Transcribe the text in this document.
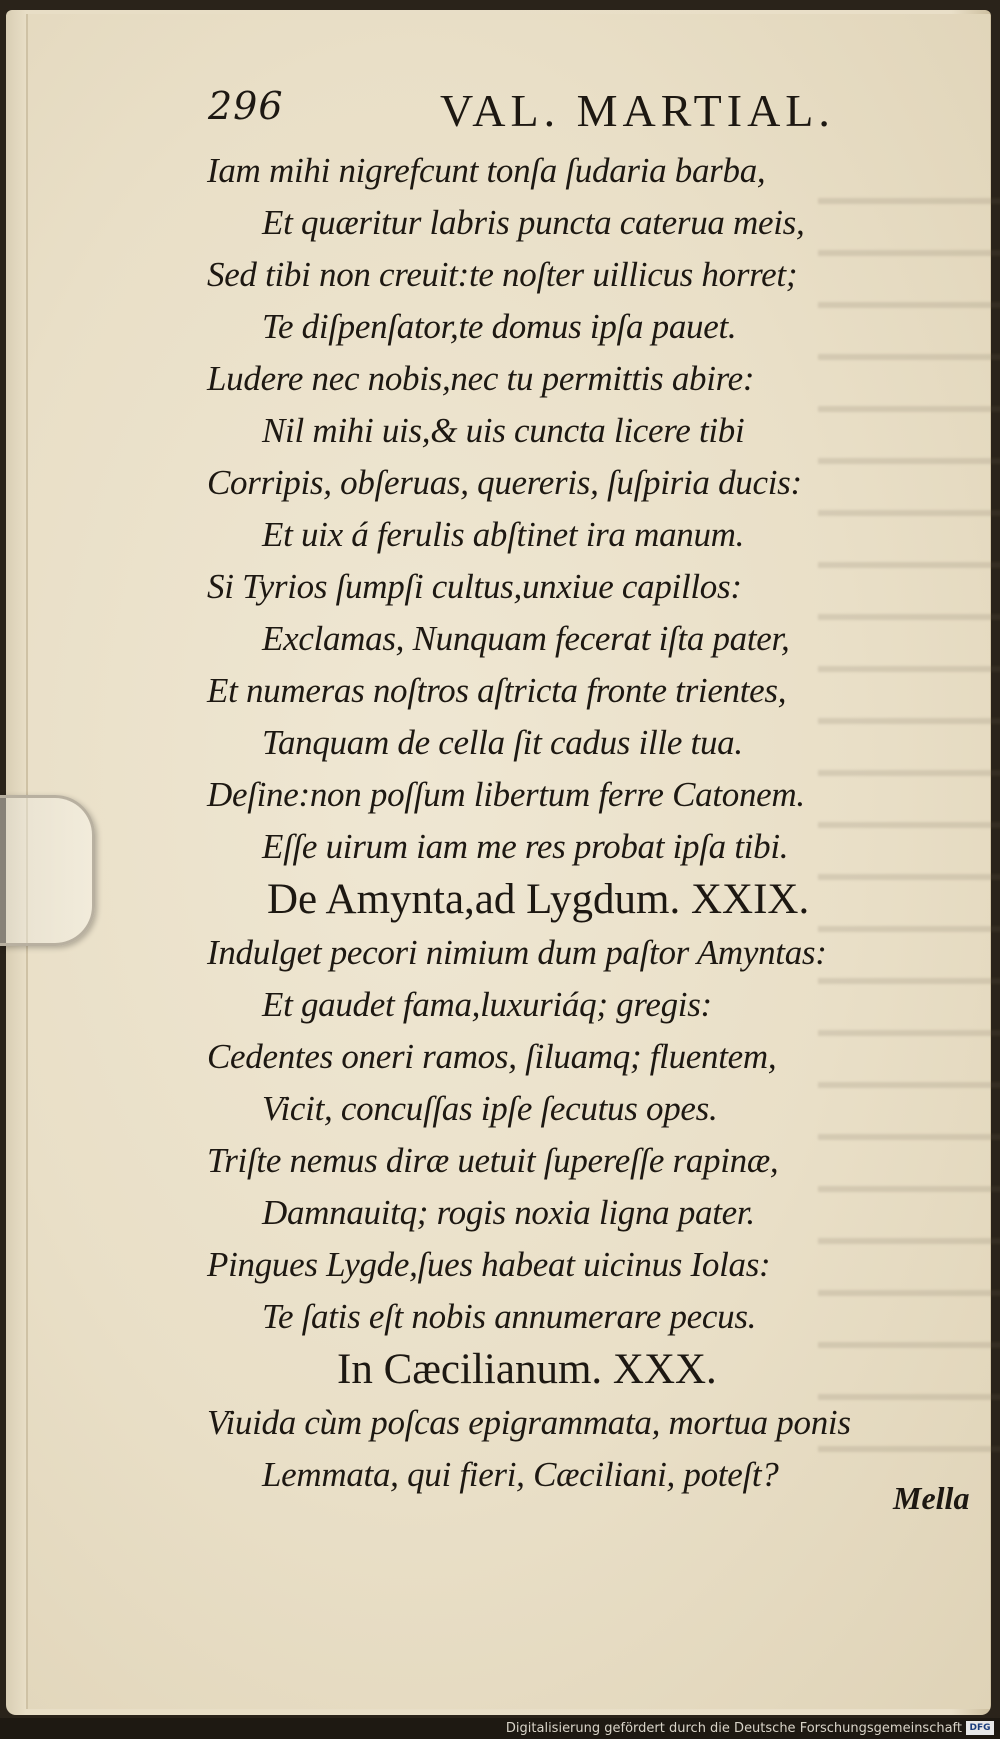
296	VAL. MARTIAL.
Iam mihi nigrefcunt tonſa ſudaria barba,
Et quæritur labris puncta caterua meis,
Sed tibi non creuit:te noſter uillicus horret;
Te diſpenſator,te domus ipſa pauet.
Ludere nec nobis,nec tu permittis abire:
Nil mihi uis,& uis cuncta licere tibi
Corripis, obſeruas, quereris, ſuſpiria ducis:
Et uix á ferulis abſtinet ira manum.
Si Tyrios ſumpſi cultus,unxiue capillos:
Exclamas, Nunquam fecerat iſta pater,
Et numeras noſtros aſtricta fronte trientes,
Tanquam de cella ſit cadus ille tua.
Deſine:non poſſum libertum ferre Catonem.
Eſſe uirum iam me res probat ipſa tibi.
De Amynta,ad Lygdum. XXIX.
Indulget pecori nimium dum paſtor Amyntas:
Et gaudet fama,luxuriáq; gregis:
Cedentes oneri ramos, ſiluamq; fluentem,
Vicit, concuſſas ipſe ſecutus opes.
Triſte nemus diræ uetuit ſupereſſe rapinæ,
Damnauitq; rogis noxia ligna pater.
Pingues Lygde,ſues habeat uicinus Iolas:
Te ſatis eſt nobis annumerare pecus.
In Cæcilianum. XXX.
Viuida cùm poſcas epigrammata, mortua ponis
Lemmata, qui fieri, Cæciliani, poteſt?
Mella
Digitalisierung gefördert durch die Deutsche Forschungsgemeinschaft DFG
